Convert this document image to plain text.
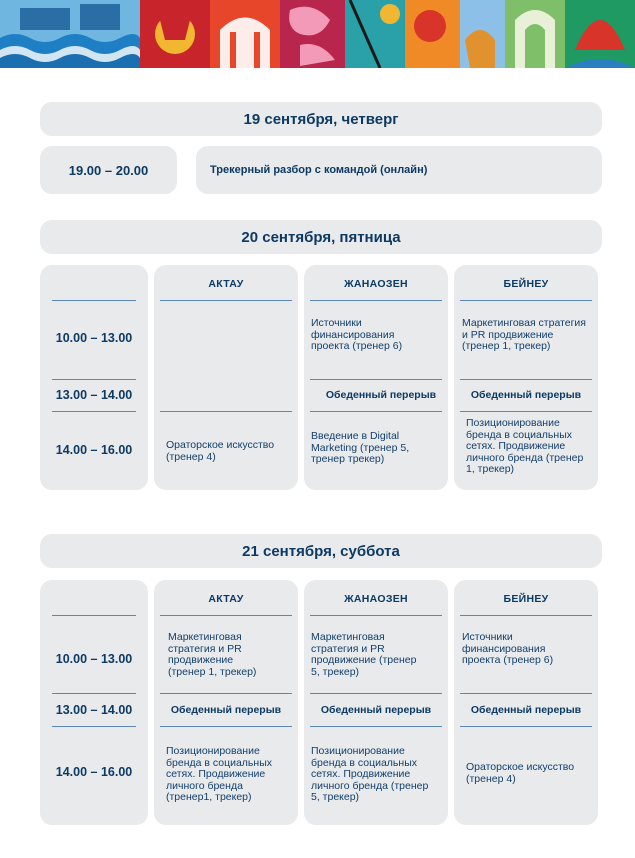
19 сентября, четверг
19.00 – 20.00	Трекерный разбор с командой (онлайн)
20 сентября, пятница
10.00 – 13.00
13.00 – 14.00
14.00 – 16.00
АКТАУ
Ораторское искусство (тренер 4)
ЖАНАОЗЕН
Источники финансирования проекта (тренер 6)
Обеденный перерыв
Введение в Digital Marketing (тренер 5, тренер трекер)
БЕЙНЕУ
Маркетинговая стратегия и PR продвижение (тренер 1, трекер)
Обеденный перерыв
Позиционирование бренда в социальных сетях. Продвижение личного бренда (тренер 1, трекер)
21 сентября, суббота
10.00 – 13.00
13.00 – 14.00
14.00 – 16.00
АКТАУ
Маркетинговая стратегия и PR продвижение (тренер 1, трекер)
Обеденный перерыв
Позиционирование бренда в социальных сетях. Продвижение личного бренда (тренер1, трекер)
ЖАНАОЗЕН
Маркетинговая стратегия и PR продвижение (тренер 5, трекер)
Обеденный перерыв
Позиционирование бренда в социальных сетях. Продвижение личного бренда (тренер 5, трекер)
БЕЙНЕУ
Источники финансирования проекта (тренер 6)
Обеденный перерыв
Ораторское искусство (тренер 4)
